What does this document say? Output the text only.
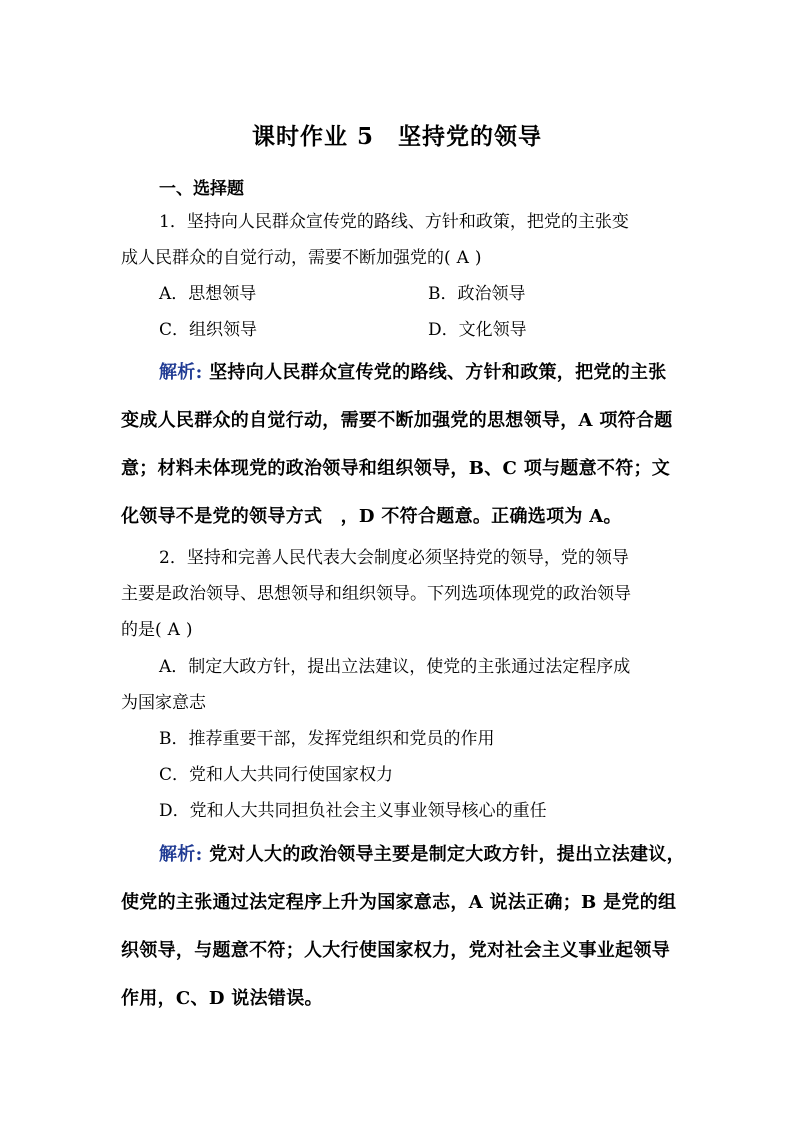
课时作业 5　坚持党的领导
一、选择题
1．坚持向人民群众宣传党的路线、方针和政策，把党的主张变
成人民群众的自觉行动，需要不断加强党的( A )
A．思想领导	B．政治领导
C．组织领导	D．文化领导
解析: 坚持向人民群众宣传党的路线、方针和政策，把党的主张
变成人民群众的自觉行动，需要不断加强党的思想领导，A 项符合题
意；材料未体现党的政治领导和组织领导，B、C 项与题意不符；文
化领导不是党的领导方式　，D 不符合题意。正确选项为 A。
2．坚持和完善人民代表大会制度必须坚持党的领导，党的领导
主要是政治领导、思想领导和组织领导。下列选项体现党的政治领导
的是( A )
A．制定大政方针，提出立法建议，使党的主张通过法定程序成
为国家意志
B．推荐重要干部，发挥党组织和党员的作用
C．党和人大共同行使国家权力
D．党和人大共同担负社会主义事业领导核心的重任
解析: 党对人大的政治领导主要是制定大政方针，提出立法建议，
使党的主张通过法定程序上升为国家意志，A 说法正确；B 是党的组
织领导，与题意不符；人大行使国家权力，党对社会主义事业起领导
作用，C、D 说法错误。
